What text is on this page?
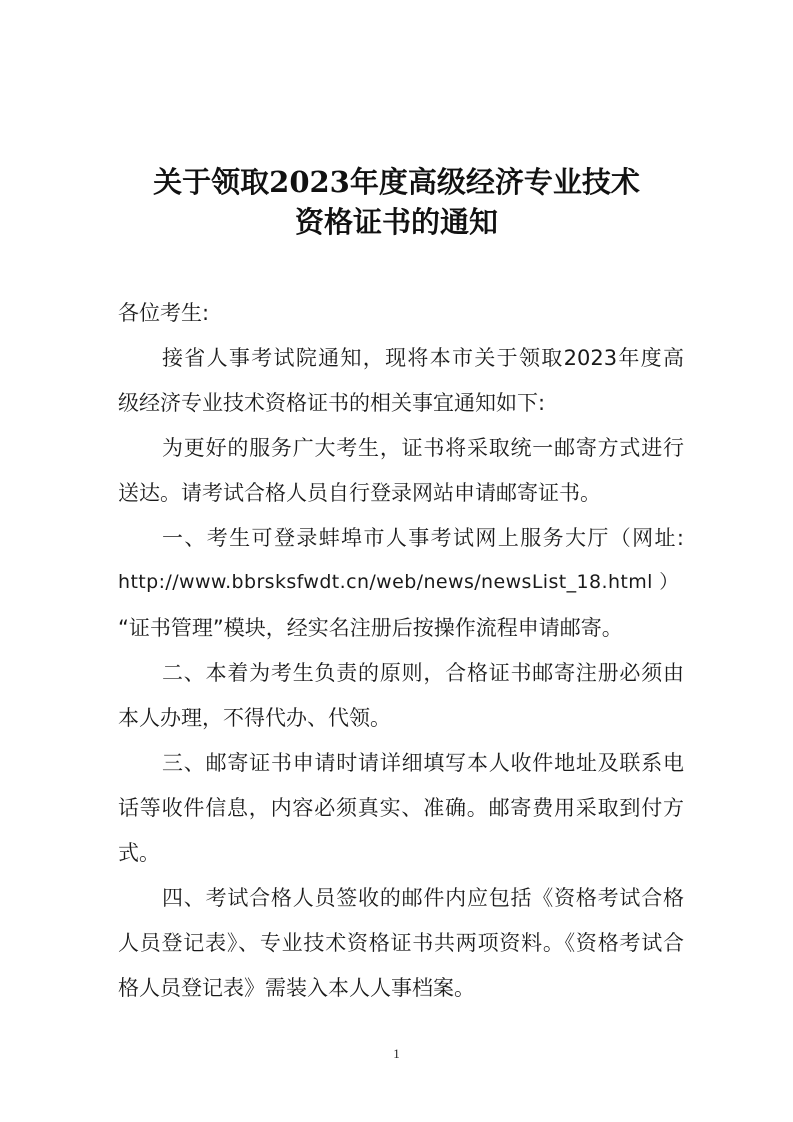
关于领取2023年度高级经济专业技术
资格证书的通知
各位考生:
接省人事考试院通知，现将本市关于领取2023年度高
级经济专业技术资格证书的相关事宜通知如下:
为更好的服务广大考生，证书将采取统一邮寄方式进行
送达。请考试合格人员自行登录网站申请邮寄证书。
一、考生可登录蚌埠市人事考试网上服务大厅（网址:
http://www.bbrsksfwdt.cn/web/news/newsList_18.html ）
“证书管理”模块，经实名注册后按操作流程申请邮寄。
二、本着为考生负责的原则，合格证书邮寄注册必须由
本人办理，不得代办、代领。
三、邮寄证书申请时请详细填写本人收件地址及联系电
话等收件信息，内容必须真实、准确。邮寄费用采取到付方
式。
四、考试合格人员签收的邮件内应包括《资格考试合格
人员登记表》、专业技术资格证书共两项资料。《资格考试合
格人员登记表》需装入本人人事档案。
1
